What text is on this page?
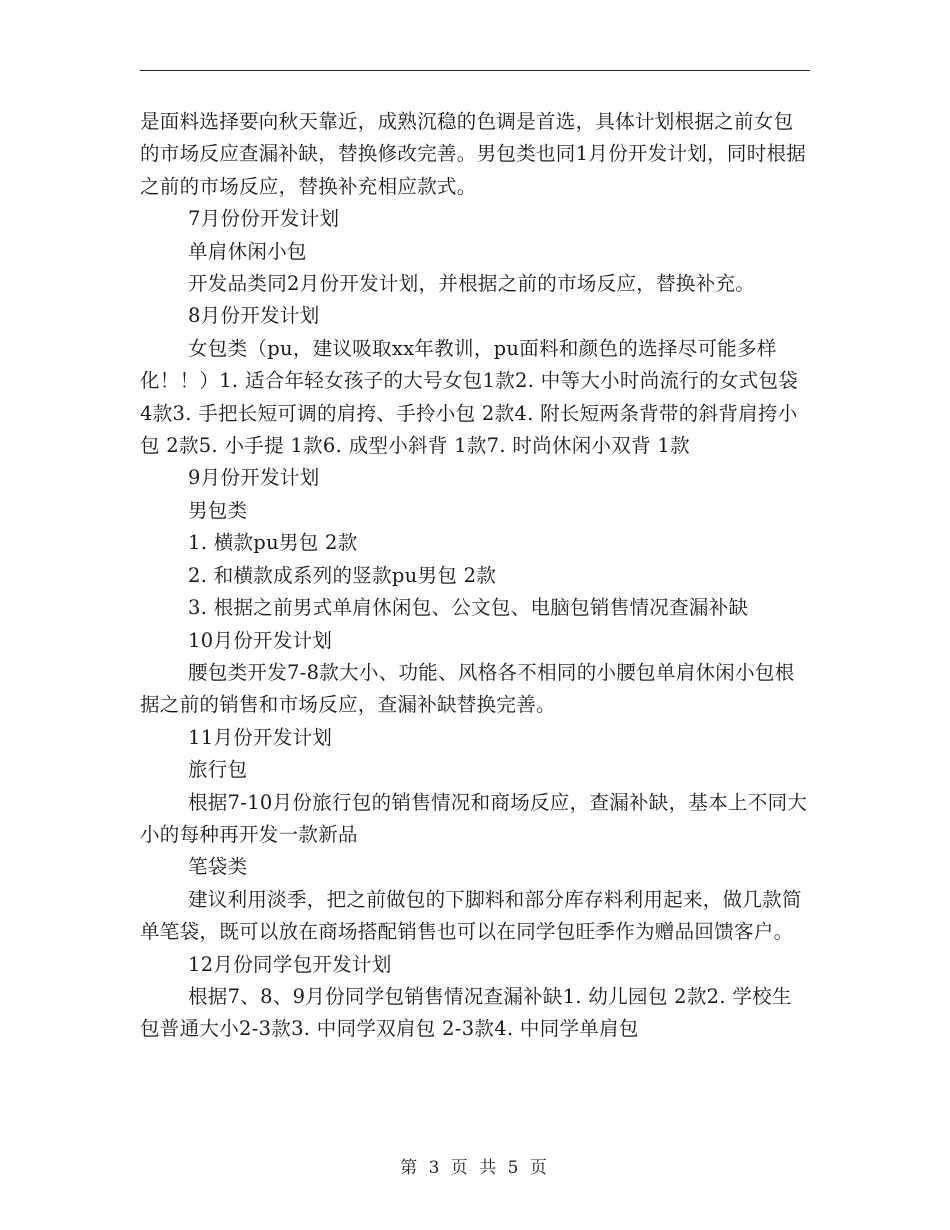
是面料选择要向秋天靠近，成熟沉稳的色调是首选，具体计划根据之前女包的市场反应查漏补缺，替换修改完善。男包类也同1月份开发计划，同时根据之前的市场反应，替换补充相应款式。

7月份份开发计划

单肩休闲小包

开发品类同2月份开发计划，并根据之前的市场反应，替换补充。

8月份开发计划

女包类（pu，建议吸取xx年教训，pu面料和颜色的选择尽可能多样化！！）1. 适合年轻女孩子的大号女包1款2. 中等大小时尚流行的女式包袋 4款3. 手把长短可调的肩挎、手拎小包 2款4. 附长短两条背带的斜背肩挎小包 2款5. 小手提 1款6. 成型小斜背 1款7. 时尚休闲小双背 1款

9月份开发计划

男包类

1. 横款pu男包 2款

2. 和横款成系列的竖款pu男包 2款

3. 根据之前男式单肩休闲包、公文包、电脑包销售情况查漏补缺

10月份开发计划

腰包类开发7-8款大小、功能、风格各不相同的小腰包单肩休闲小包根据之前的销售和市场反应，查漏补缺替换完善。

11月份开发计划

旅行包

根据7-10月份旅行包的销售情况和商场反应，查漏补缺，基本上不同大小的每种再开发一款新品

笔袋类

建议利用淡季，把之前做包的下脚料和部分库存料利用起来，做几款简单笔袋，既可以放在商场搭配销售也可以在同学包旺季作为赠品回馈客户。

12月份同学包开发计划

根据7、8、9月份同学包销售情况查漏补缺1. 幼儿园包 2款2. 学校生包普通大小2-3款3. 中同学双肩包 2-3款4. 中同学单肩包

第 3 页 共 5 页
